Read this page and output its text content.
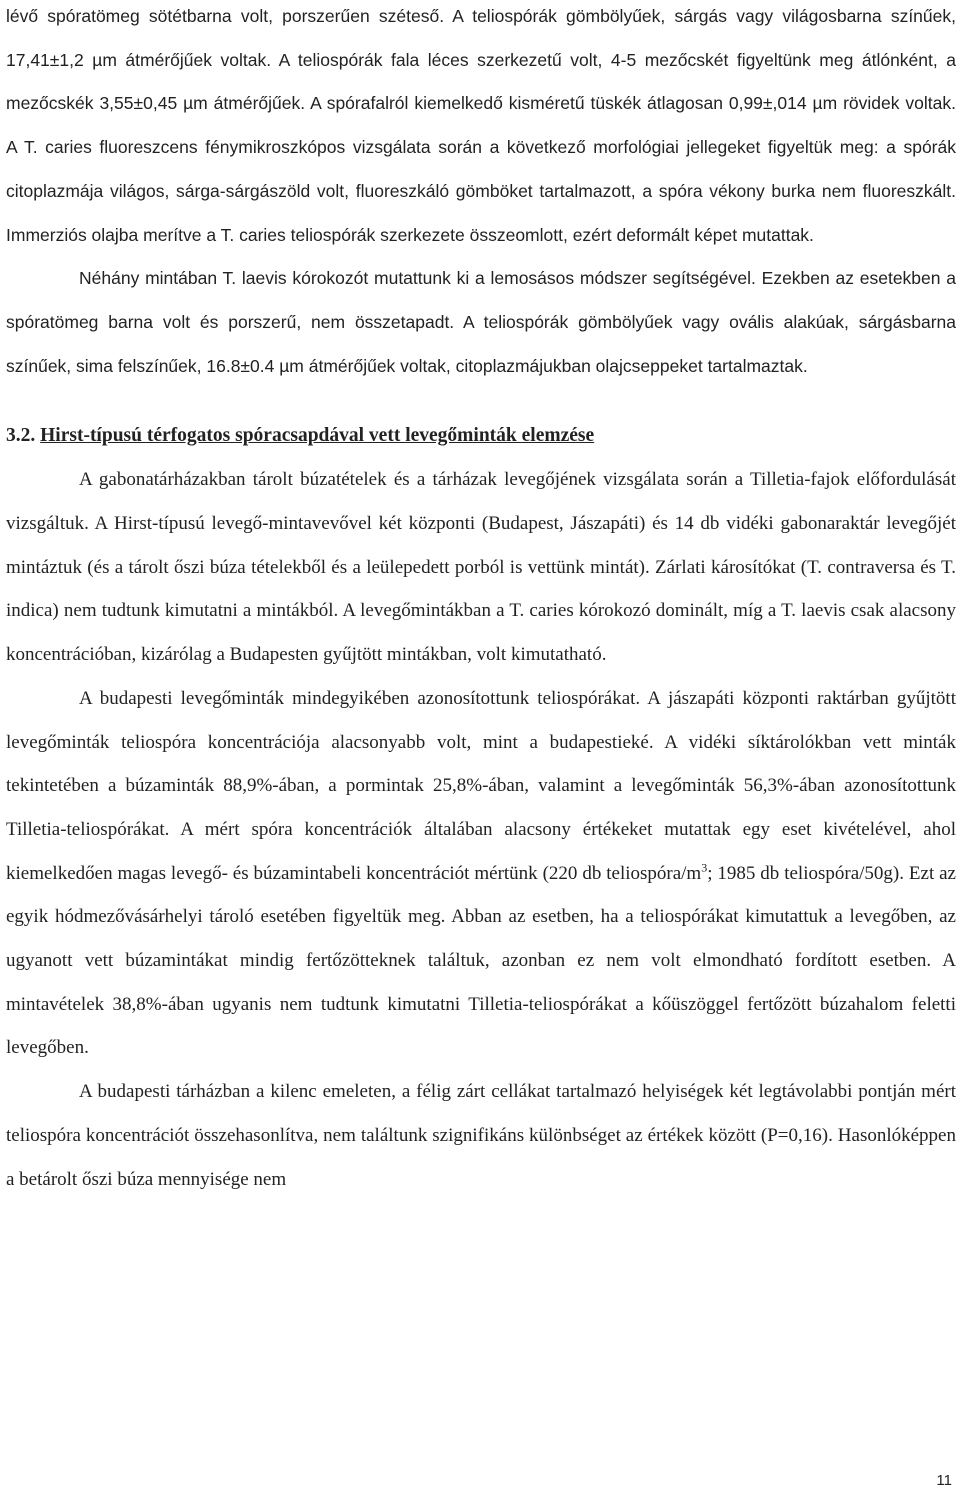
lévő spóratömeg sötétbarna volt, porszerűen széteső. A teliospórák gömbölyűek, sárgás vagy világosbarna színűek, 17,41±1,2 µm átmérőjűek voltak. A teliospórák fala léces szerkezetű volt, 4-5 mezőcskét figyeltünk meg átlónként, a mezőcskék 3,55±0,45 µm átmérőjűek. A spórafalról kiemelkedő kisméretű tüskék átlagosan 0,99±,014 µm rövidek voltak. A T. caries fluoreszcens fénymikroszkópos vizsgálata során a következő morfológiai jellegeket figyeltük meg: a spórák citoplazmája világos, sárga-sárgászöld volt, fluoreszkáló gömböket tartalmazott, a spóra vékony burka nem fluoreszkált. Immerziós olajba merítve a T. caries teliospórák szerkezete összeomlott, ezért deformált képet mutattak.

Néhány mintában T. laevis kórokozót mutattunk ki a lemosásos módszer segítségével. Ezekben az esetekben a spóratömeg barna volt és porszerű, nem összetapadt. A teliospórák gömbölyűek vagy ovális alakúak, sárgásbarna színűek, sima felszínűek, 16.8±0.4 µm átmérőjűek voltak, citoplazmájukban olajcseppeket tartalmaztak.

3.2. Hirst-típusú térfogatos spóracsapdával vett levegőminták elemzése

A gabonatárházakban tárolt búzatételek és a tárházak levegőjének vizsgálata során a Tilletia-fajok előfordulását vizsgáltuk. A Hirst-típusú levegő-mintavevővel két központi (Budapest, Jászapáti) és 14 db vidéki gabonaraktár levegőjét mintáztuk (és a tárolt őszi búza tételekből és a leülepedett porból is vettünk mintát). Zárlati károsítókat (T. contraversa és T. indica) nem tudtunk kimutatni a mintákból. A levegőmintákban a T. caries kórokozó dominált, míg a T. laevis csak alacsony koncentrációban, kizárólag a Budapesten gyűjtött mintákban, volt kimutatható.

A budapesti levegőminták mindegyikében azonosítottunk teliospórákat. A jászapáti központi raktárban gyűjtött levegőminták teliospóra koncentrációja alacsonyabb volt, mint a budapestieké. A vidéki síktárolókban vett minták tekintetében a búzaminták 88,9%-ában, a pormintak 25,8%-ában, valamint a levegőminták 56,3%-ában azonosítottunk Tilletia-teliospórákat. A mért spóra koncentrációk általában alacsony értékeket mutattak egy eset kivételével, ahol kiemelkedően magas levegő- és búzamintabeli koncentrációt mértünk (220 db teliospóra/$m^3$; 1985 db teliospóra/50g). Ezt az egyik hódmezővásárhelyi tároló esetében figyeltük meg. Abban az esetben, ha a teliospórákat kimutattuk a levegőben, az ugyanott vett búzamintákat mindig fertőzötteknek találtuk, azonban ez nem volt elmondható fordított esetben. A mintavételek 38,8%-ában ugyanis nem tudtunk kimutatni Tilletia-teliospórákat a kőüszöggel fertőzött búzahalom feletti levegőben.

A budapesti tárházban a kilenc emeleten, a félig zárt cellákat tartalmazó helyiségek két legtávolabbi pontján mért teliospóra koncentrációt összehasonlítva, nem találtunk szignifikáns különbséget az értékek között (P=0,16). Hasonlóképpen a betárolt őszi búza mennyisége nem

11
